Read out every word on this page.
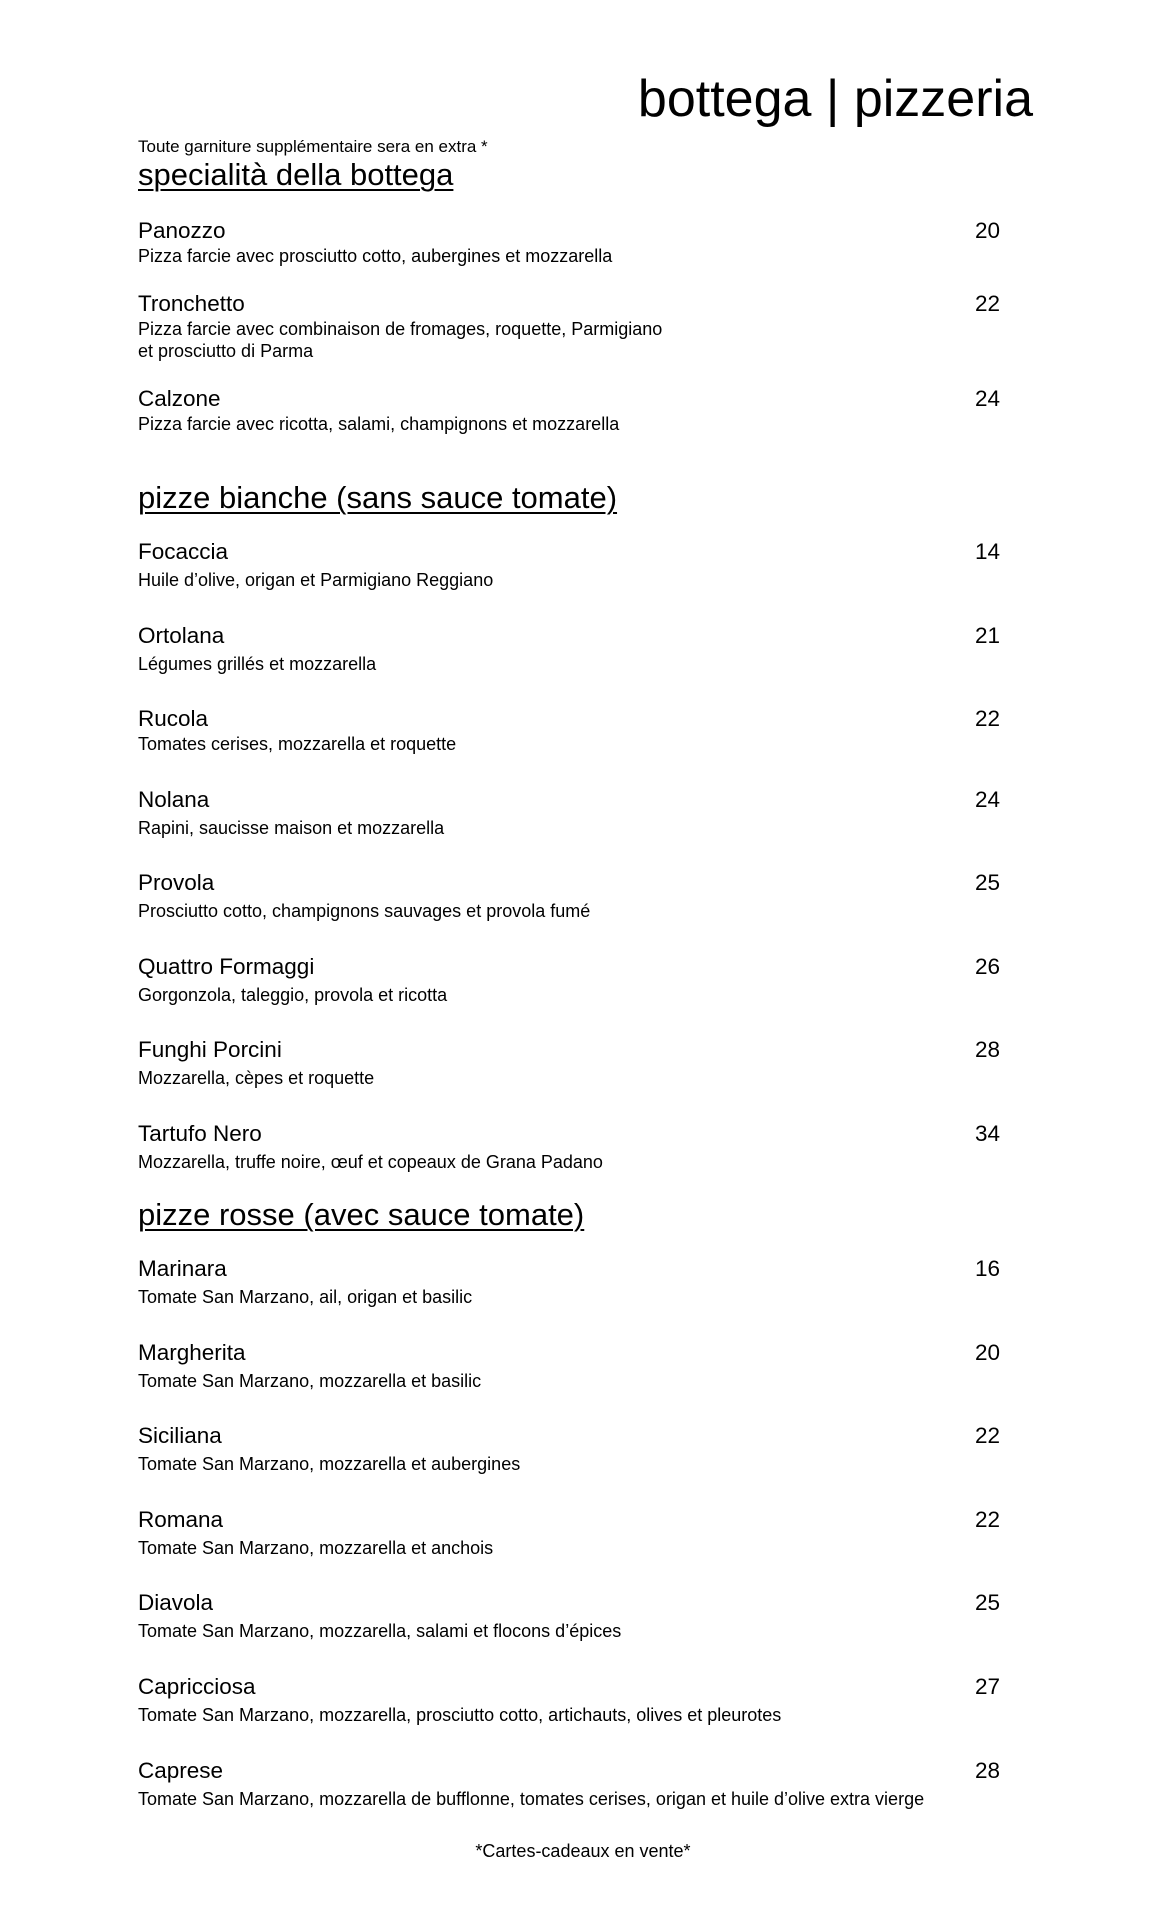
bottega | pizzeria
Toute garniture supplémentaire sera en extra *
specialità della bottega
Panozzo	20
Pizza farcie avec prosciutto cotto, aubergines et mozzarella
Tronchetto	22
Pizza farcie avec combinaison de fromages, roquette, Parmigiano
et prosciutto di Parma
Calzone	24
Pizza farcie avec ricotta, salami, champignons et mozzarella
pizze bianche (sans sauce tomate)
Focaccia	14
Huile d’olive, origan et Parmigiano Reggiano
Ortolana	21
Légumes grillés et mozzarella
Rucola	22
Tomates cerises, mozzarella et roquette
Nolana	24
Rapini, saucisse maison et mozzarella
Provola	25
Prosciutto cotto, champignons sauvages et provola fumé
Quattro Formaggi	26
Gorgonzola, taleggio, provola et ricotta
Funghi Porcini	28
Mozzarella, cèpes et roquette
Tartufo Nero	34
Mozzarella, truffe noire, œuf et copeaux de Grana Padano
pizze rosse (avec sauce tomate)
Marinara	16
Tomate San Marzano, ail, origan et basilic
Margherita	20
Tomate San Marzano, mozzarella et basilic
Siciliana	22
Tomate San Marzano, mozzarella et aubergines
Romana	22
Tomate San Marzano, mozzarella et anchois
Diavola	25
Tomate San Marzano, mozzarella, salami et flocons d’épices
Capricciosa	27
Tomate San Marzano, mozzarella, prosciutto cotto, artichauts, olives et pleurotes
Caprese	28
Tomate San Marzano, mozzarella de bufflonne, tomates cerises, origan et huile d’olive extra vierge
*Cartes-cadeaux en vente*
